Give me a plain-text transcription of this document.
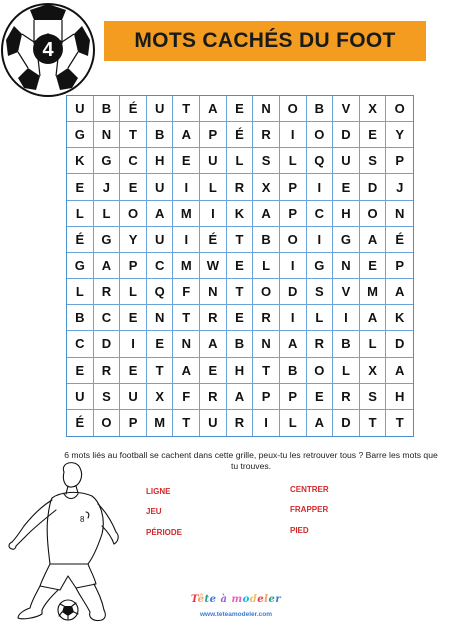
4	MOTS CACHÉS DU FOOT
U	B	É	U	T	A	E	N	O	B	V	X	O
G	N	T	B	A	P	É	R	I	O	D	E	Y
K	G	C	H	E	U	L	S	L	Q	U	S	P
E	J	E	U	I	L	R	X	P	I	E	D	J
L	L	O	A	M	I	K	A	P	C	H	O	N
É	G	Y	U	I	É	T	B	O	I	G	A	É
G	A	P	C	M	W	E	L	I	G	N	E	P
L	R	L	Q	F	N	T	O	D	S	V	M	A
B	C	E	N	T	R	E	R	I	L	I	A	K
C	D	I	E	N	A	B	N	A	R	B	L	D
E	R	E	T	A	E	H	T	B	O	L	X	A
U	S	U	X	F	R	A	P	P	E	R	S	H
É	O	P	M	T	U	R	I	L	A	D	T	T
6 mots liés au football se cachent dans cette grille, peux-tu les retrouver tous ? Barre les mots que tu trouves.
LIGNE
JEU
PÉRIODE
CENTRER
FRAPPER
PIED
8
Tête à modeler
www.teteamodeler.com
